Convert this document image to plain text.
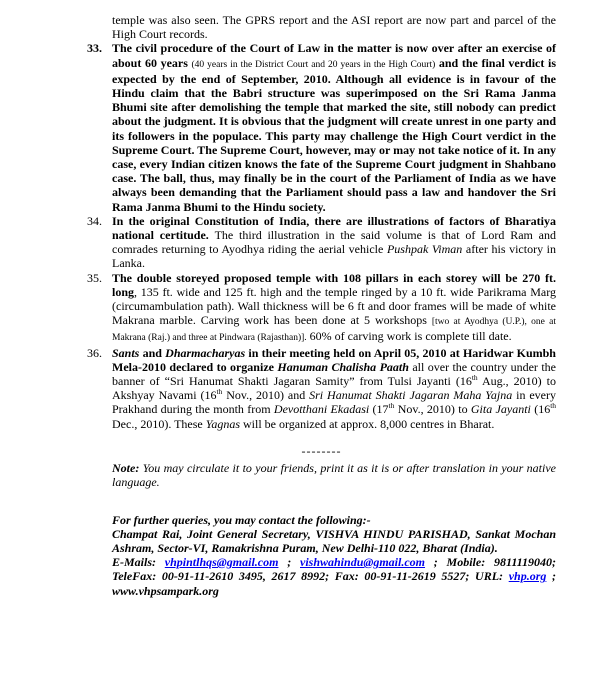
temple was also seen. The GPRS report and the ASI report are now part and parcel of the High Court records.
33. The civil procedure of the Court of Law in the matter is now over after an exercise of about 60 years (40 years in the District Court and 20 years in the High Court) and the final verdict is expected by the end of September, 2010. Although all evidence is in favour of the Hindu claim that the Babri structure was superimposed on the Sri Rama Janma Bhumi site after demolishing the temple that marked the site, still nobody can predict about the judgment. It is obvious that the judgment will create unrest in one party and its followers in the populace. This party may challenge the High Court verdict in the Supreme Court. The Supreme Court, however, may or may not take notice of it. In any case, every Indian citizen knows the fate of the Supreme Court judgment in Shahbano case. The ball, thus, may finally be in the court of the Parliament of India as we have always been demanding that the Parliament should pass a law and handover the Sri Rama Janma Bhumi to the Hindu society.
34. In the original Constitution of India, there are illustrations of factors of Bharatiya national certitude. The third illustration in the said volume is that of Lord Ram and comrades returning to Ayodhya riding the aerial vehicle Pushpak Viman after his victory in Lanka.
35. The double storeyed proposed temple with 108 pillars in each storey will be 270 ft. long, 135 ft. wide and 125 ft. high and the temple ringed by a 10 ft. wide Parikrama Marg (circumambulation path). Wall thickness will be 6 ft and door frames will be made of white Makrana marble. Carving work has been done at 5 workshops [two at Ayodhya (U.P.), one at Makrana (Raj.) and three at Pindwara (Rajasthan)]. 60% of carving work is complete till date.
36. Sants and Dharmacharyas in their meeting held on April 05, 2010 at Haridwar Kumbh Mela-2010 declared to organize Hanuman Chalisha Paath all over the country under the banner of “Sri Hanumat Shakti Jagaran Samity” from Tulsi Jayanti (16th Aug., 2010) to Akshyay Navami (16th Nov., 2010) and Sri Hanumat Shakti Jagaran Maha Yajna in every Prakhand during the month from Devotthani Ekadasi (17th Nov., 2010) to Gita Jayanti (16th Dec., 2010). These Yagnas will be organized at approx. 8,000 centres in Bharat.
--------
Note: You may circulate it to your friends, print it as it is or after translation in your native language.
For further queries, you may contact the following:-
Champat Rai, Joint General Secretary, VISHVA HINDU PARISHAD, Sankat Mochan Ashram, Sector-VI, Ramakrishna Puram, New Delhi-110 022, Bharat (India).
E-Mails: vhpintlhqs@gmail.com ; vishwahindu@gmail.com ; Mobile: 9811119040; TeleFax: 00-91-11-2610 3495, 2617 8992; Fax: 00-91-11-2619 5527; URL: vhp.org ; www.vhpsampark.org
